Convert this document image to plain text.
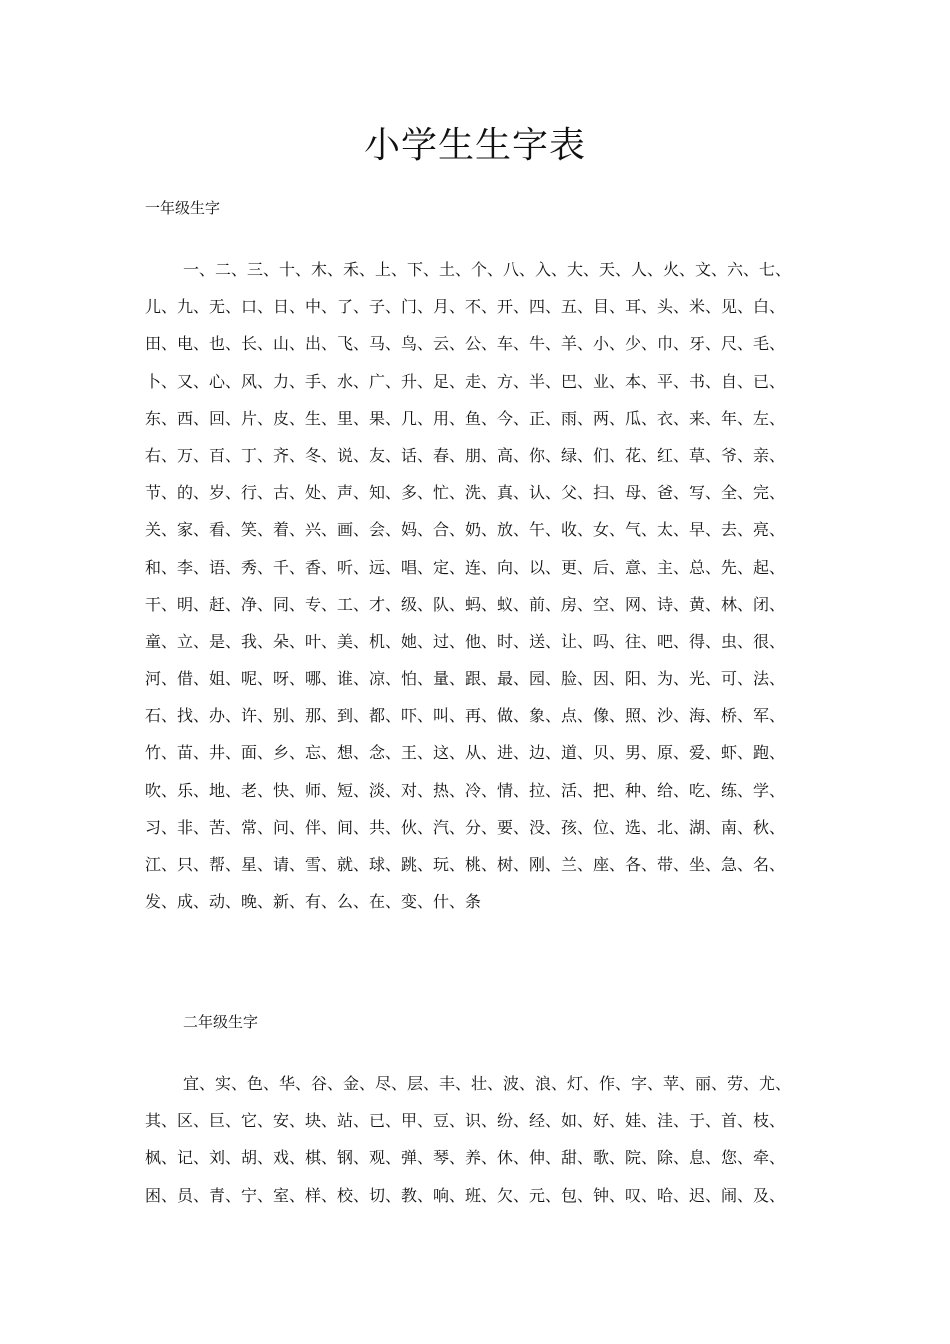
小学生生字表
一年级生字
一、二、三、十、木、禾、上、下、土、个、八、入、大、天、人、火、文、六、七、
儿、九、无、口、日、中、了、子、门、月、不、开、四、五、目、耳、头、米、见、白、
田、电、也、长、山、出、飞、马、鸟、云、公、车、牛、羊、小、少、巾、牙、尺、毛、
卜、又、心、风、力、手、水、广、升、足、走、方、半、巴、业、本、平、书、自、已、
东、西、回、片、皮、生、里、果、几、用、鱼、今、正、雨、两、瓜、衣、来、年、左、
右、万、百、丁、齐、冬、说、友、话、春、朋、高、你、绿、们、花、红、草、爷、亲、
节、的、岁、行、古、处、声、知、多、忙、洗、真、认、父、扫、母、爸、写、全、完、
关、家、看、笑、着、兴、画、会、妈、合、奶、放、午、收、女、气、太、早、去、亮、
和、李、语、秀、千、香、听、远、唱、定、连、向、以、更、后、意、主、总、先、起、
干、明、赶、净、同、专、工、才、级、队、蚂、蚁、前、房、空、网、诗、黄、林、闭、
童、立、是、我、朵、叶、美、机、她、过、他、时、送、让、吗、往、吧、得、虫、很、
河、借、姐、呢、呀、哪、谁、凉、怕、量、跟、最、园、脸、因、阳、为、光、可、法、
石、找、办、许、别、那、到、都、吓、叫、再、做、象、点、像、照、沙、海、桥、军、
竹、苗、井、面、乡、忘、想、念、王、这、从、进、边、道、贝、男、原、爱、虾、跑、
吹、乐、地、老、快、师、短、淡、对、热、冷、情、拉、活、把、种、给、吃、练、学、
习、非、苦、常、问、伴、间、共、伙、汽、分、要、没、孩、位、选、北、湖、南、秋、
江、只、帮、星、请、雪、就、球、跳、玩、桃、树、刚、兰、座、各、带、坐、急、名、
发、成、动、晚、新、有、么、在、变、什、条
二年级生字
宜、实、色、华、谷、金、尽、层、丰、壮、波、浪、灯、作、字、苹、丽、劳、尤、
其、区、巨、它、安、块、站、已、甲、豆、识、纷、经、如、好、娃、洼、于、首、枝、
枫、记、刘、胡、戏、棋、钢、观、弹、琴、养、休、伸、甜、歌、院、除、息、您、牵、
困、员、青、宁、室、样、校、切、教、响、班、欠、元、包、钟、叹、哈、迟、闹、及、
